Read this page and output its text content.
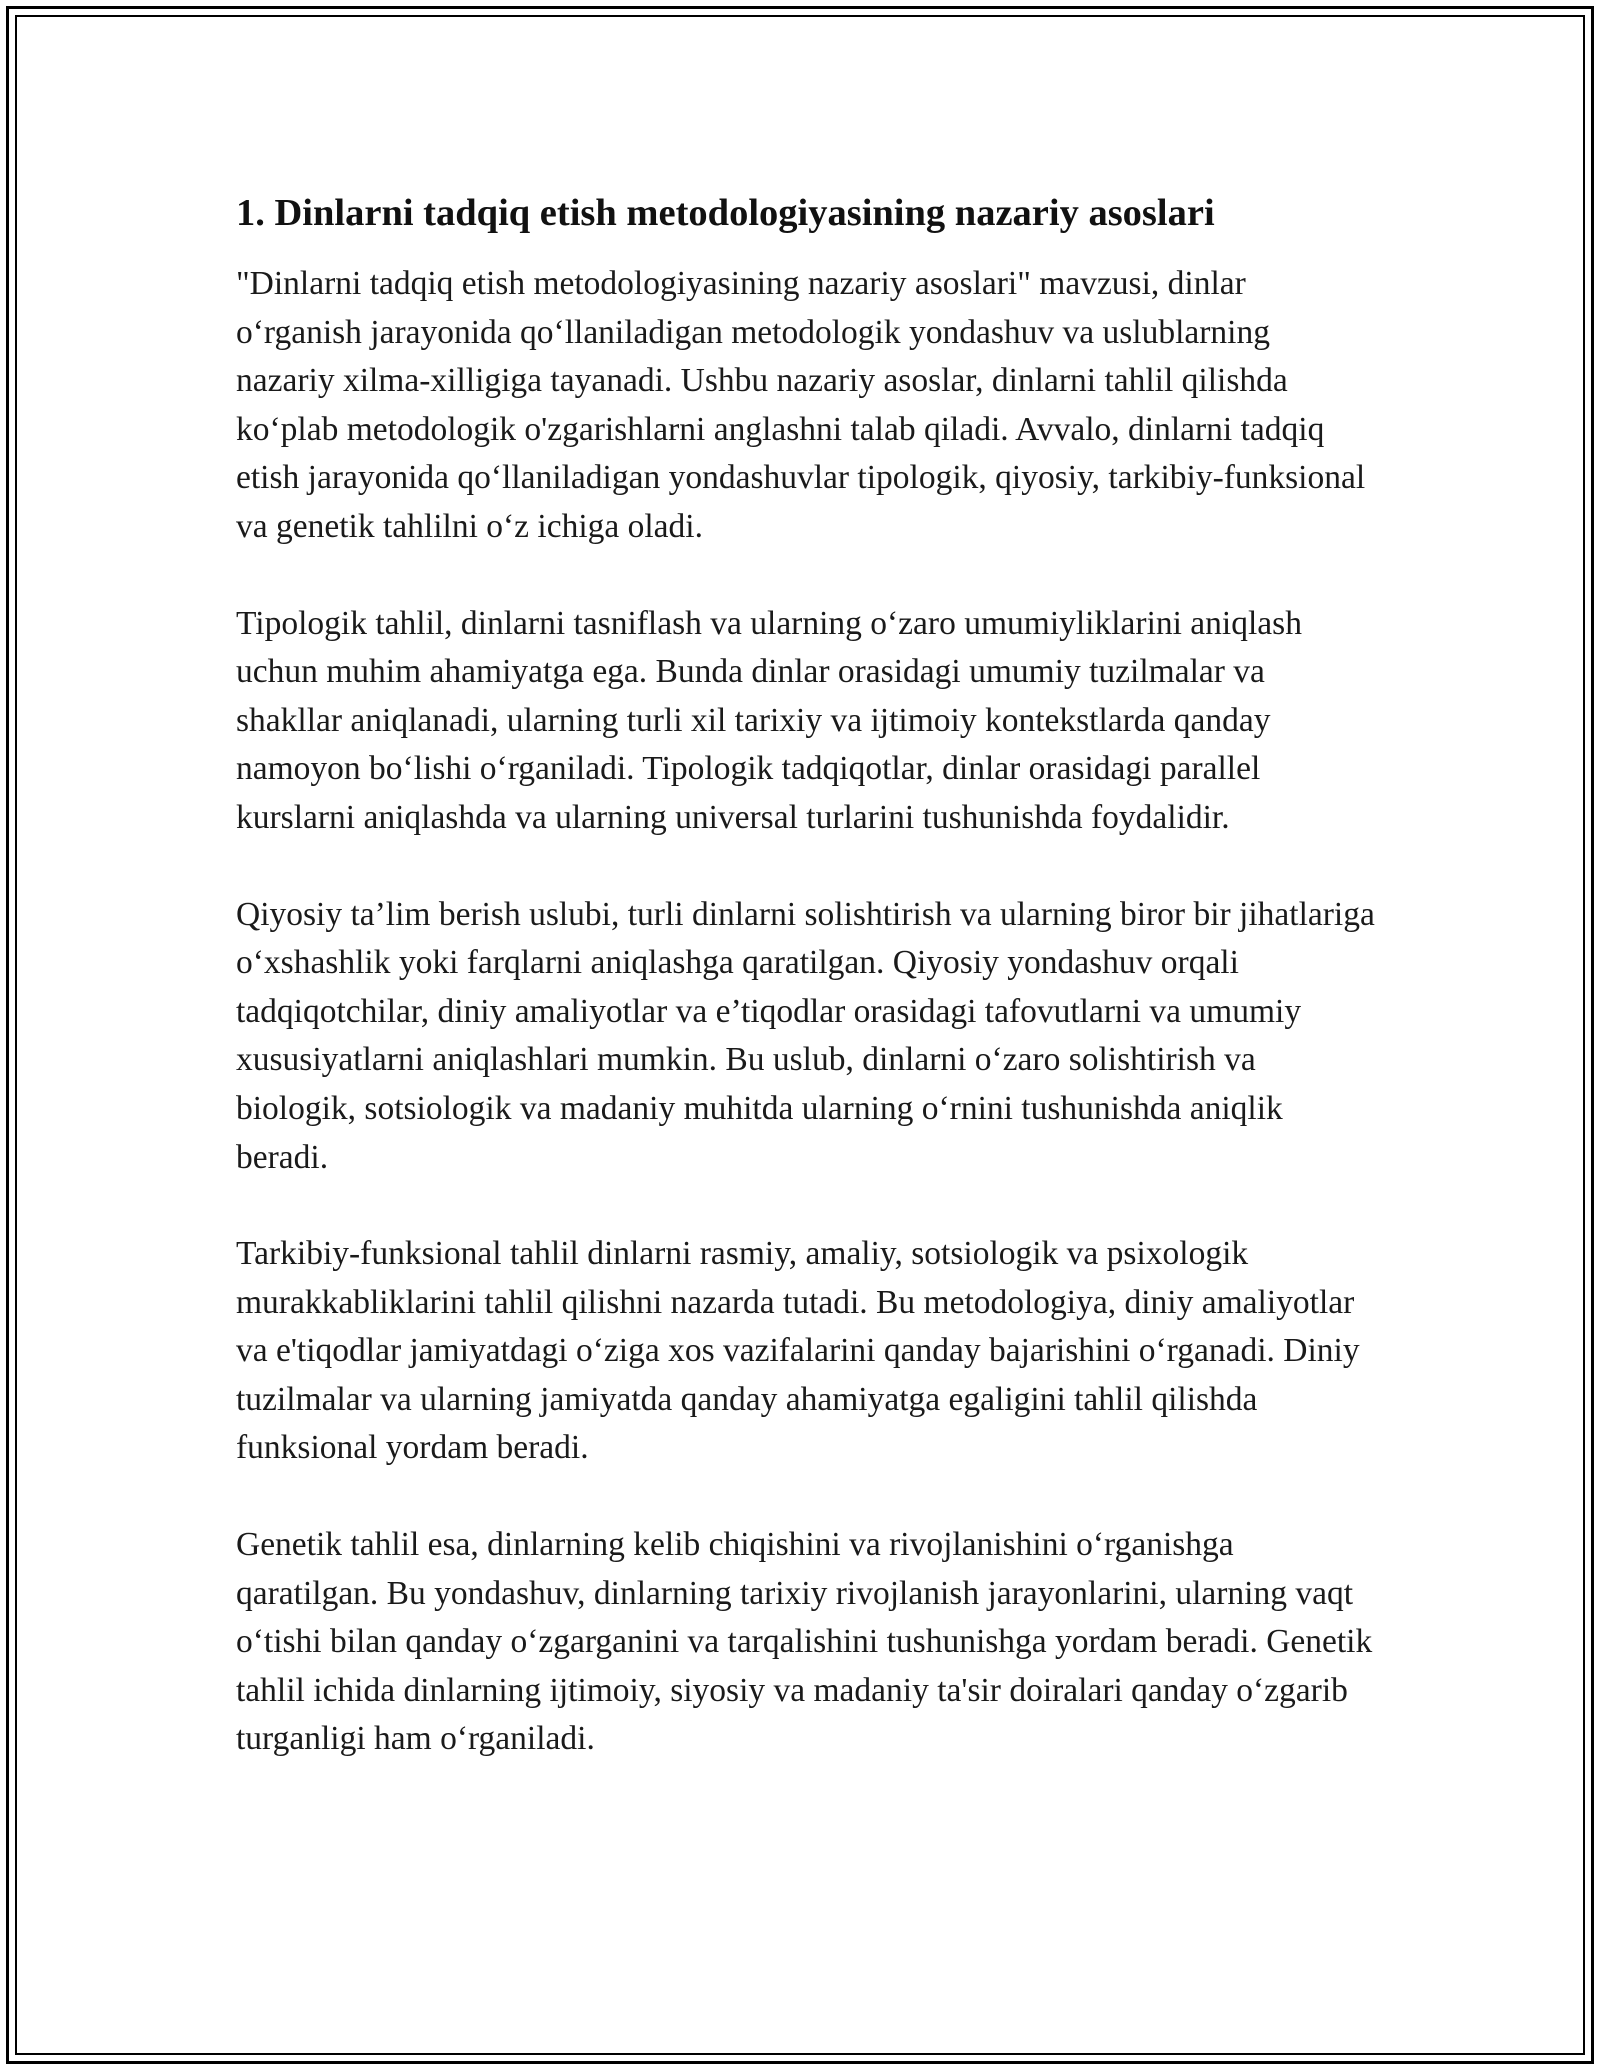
1. Dinlarni tadqiq etish metodologiyasining nazariy asoslari

"Dinlarni tadqiq etish metodologiyasining nazariy asoslari" mavzusi, dinlar o‘rganish jarayonida qo‘llaniladigan metodologik yondashuv va uslublarning nazariy xilma-xilligiga tayanadi. Ushbu nazariy asoslar, dinlarni tahlil qilishda ko‘plab metodologik o'zgarishlarni anglashni talab qiladi. Avvalo, dinlarni tadqiq etish jarayonida qo‘llaniladigan yondashuvlar tipologik, qiyosiy, tarkibiy-funksional va genetik tahlilni o‘z ichiga oladi.

Tipologik tahlil, dinlarni tasniflash va ularning o‘zaro umumiyliklarini aniqlash uchun muhim ahamiyatga ega. Bunda dinlar orasidagi umumiy tuzilmalar va shakllar aniqlanadi, ularning turli xil tarixiy va ijtimoiy kontekstlarda qanday namoyon bo‘lishi o‘rganiladi. Tipologik tadqiqotlar, dinlar orasidagi parallel kurslarni aniqlashda va ularning universal turlarini tushunishda foydalidir.

Qiyosiy ta’lim berish uslubi, turli dinlarni solishtirish va ularning biror bir jihatlariga o‘xshashlik yoki farqlarni aniqlashga qaratilgan. Qiyosiy yondashuv orqali tadqiqotchilar, diniy amaliyotlar va e’tiqodlar orasidagi tafovutlarni va umumiy xususiyatlarni aniqlashlari mumkin. Bu uslub, dinlarni o‘zaro solishtirish va biologik, sotsiologik va madaniy muhitda ularning o‘rnini tushunishda aniqlik beradi.

Tarkibiy-funksional tahlil dinlarni rasmiy, amaliy, sotsiologik va psixologik murakkabliklarini tahlil qilishni nazarda tutadi. Bu metodologiya, diniy amaliyotlar va e'tiqodlar jamiyatdagi o‘ziga xos vazifalarini qanday bajarishini o‘rganadi. Diniy tuzilmalar va ularning jamiyatda qanday ahamiyatga egaligini tahlil qilishda funksional yordam beradi.

Genetik tahlil esa, dinlarning kelib chiqishini va rivojlanishini o‘rganishga qaratilgan. Bu yondashuv, dinlarning tarixiy rivojlanish jarayonlarini, ularning vaqt o‘tishi bilan qanday o‘zgarganini va tarqalishini tushunishga yordam beradi. Genetik tahlil ichida dinlarning ijtimoiy, siyosiy va madaniy ta'sir doiralari qanday o‘zgarib turganligi ham o‘rganiladi.
